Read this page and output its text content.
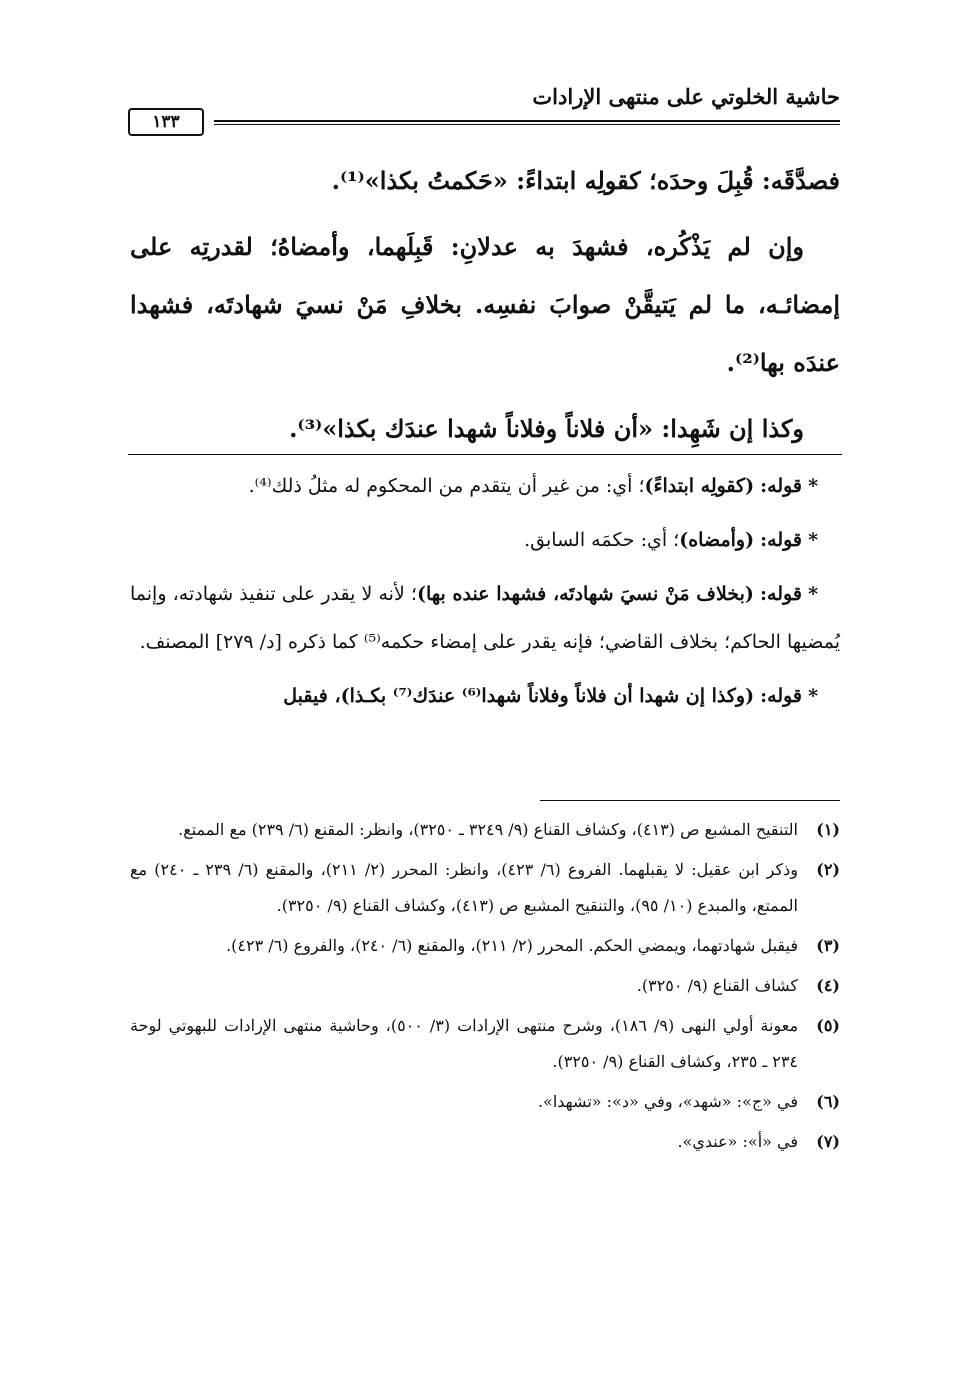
حاشية الخلوتي على منتهى الإرادات
١٣٣

فصدَّقَه: قُبِلَ وحدَه؛ كقولِه ابتداءً: «حَكمتُ بكذا»⁽¹⁾.

وإن لم يَذْكُره، فشهدَ به عدلانِ: قَبِلَهما، وأمضاهُ؛ لقدرتِه على إمضائـه، ما لم يَتيقَّنْ صوابَ نفسِه. بخلافِ مَنْ نسيَ شهادتَه، فشهدا عندَه بها⁽²⁾.

وكذا إن شَهِدا: «أن فلاناً وفلاناً شهدا عندَك بكذا»⁽³⁾.

* قوله: (كقولِه ابتداءً)؛ أي: من غير أن يتقدم من المحكوم له مثلُ ذلك⁽⁴⁾.

* قوله: (وأمضاه)؛ أي: حكمَه السابق.

* قوله: (بخلاف مَنْ نسيَ شهادتَه، فشهدا عنده بها)؛ لأنه لا يقدر على تنفيذ شهادته، وإنما يُمضيها الحاكم؛ بخلاف القاضي؛ فإنه يقدر على إمضاء حكمه⁽⁵⁾ كما ذكره [د/ ٢٧٩] المصنف.

* قوله: (وكذا إن شهدا أن فلاناً وفلاناً شهدا⁽⁶⁾ عندَك⁽⁷⁾ بكـذا)، فيقبل

(١)
التنقيح المشبع ص (٤١٣)، وكشاف القناع (٩/ ٣٢٤٩ ـ ٣٢٥٠)، وانظر: المقنع (٦/ ٢٣٩) مع الممتع.
(٢)
وذكر ابن عقيل: لا يقبلهما. الفروع (٦/ ٤٢٣)، وانظر: المحرر (٢/ ٢١١)، والمقنع (٦/ ٢٣٩ ـ ٢٤٠) مع الممتع، والمبدع (١٠/ ٩٥)، والتنقيح المشبع ص (٤١٣)، وكشاف القناع (٩/ ٣٢٥٠).
(٣)
فيقبل شهادتهما، ويمضي الحكم. المحرر (٢/ ٢١١)، والمقنع (٦/ ٢٤٠)، والفروع (٦/ ٤٢٣).
(٤)
كشاف القناع (٩/ ٣٢٥٠).
(٥)
معونة أولي النهى (٩/ ١٨٦)، وشرح منتهى الإرادات (٣/ ٥٠٠)، وحاشية منتهى الإرادات للبهوتي لوحة ٢٣٤ ـ ٢٣٥، وكشاف القناع (٩/ ٣٢٥٠).
(٦)
في «ج»: «شهد»، وفي «د»: «تشهدا».
(٧)
في «أ»: «عندي».
